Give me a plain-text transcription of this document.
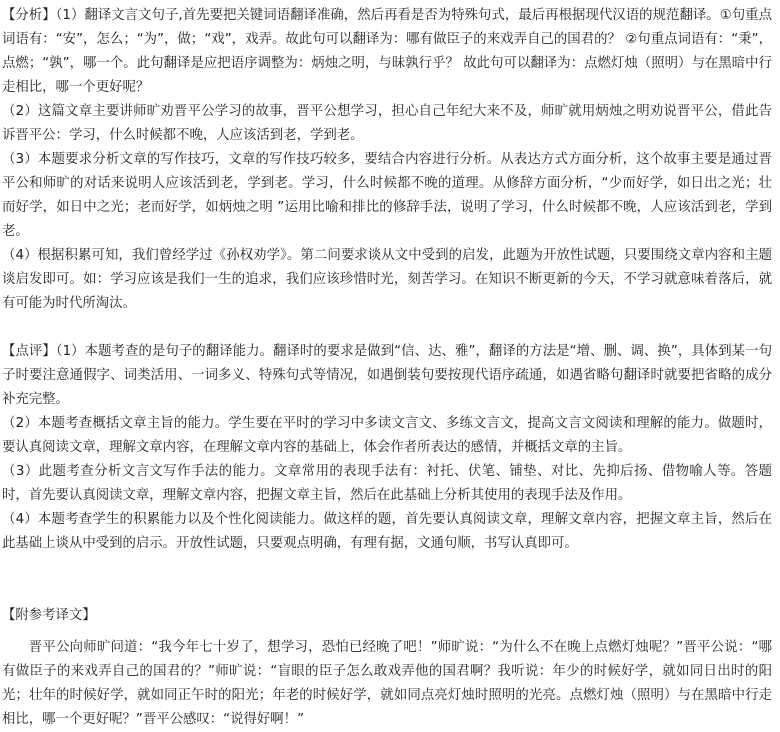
【分析】（1）翻译文言文句子,首先要把关键词语翻译准确，然后再看是否为特殊句式，最后再根据现代汉语的规范翻译。①句重点词语有：“安”，怎么；“为”，做；“戏”，戏弄。故此句可以翻译为：哪有做臣子的来戏弄自己的国君的？ ②句重点词语有：“秉”，点燃；“孰”，哪一个。此句翻译是应把语序调整为：炳烛之明，与昧孰行乎？ 故此句可以翻译为：点燃灯烛（照明）与在黑暗中行走相比，哪一个更好呢？

（2）这篇文章主要讲师旷劝晋平公学习的故事，晋平公想学习，担心自己年纪大来不及，师旷就用炳烛之明劝说晋平公，借此告诉晋平公：学习，什么时候都不晚，人应该活到老，学到老。

（3）本题要求分析文章的写作技巧，文章的写作技巧较多，要结合内容进行分析。从表达方式方面分析，这个故事主要是通过晋平公和师旷的对话来说明人应该活到老，学到老。学习，什么时候都不晚的道理。从修辞方面分析，“少而好学，如日出之光；壮而好学，如日中之光；老而好学，如炳烛之明 ”运用比喻和排比的修辞手法，说明了学习，什么时候都不晚，人应该活到老，学到老。

（4）根据积累可知，我们曾经学过《孙权劝学》。第二问要求谈从文中受到的启发，此题为开放性试题，只要围绕文章内容和主题谈启发即可。如：学习应该是我们一生的追求，我们应该珍惜时光，刻苦学习。在知识不断更新的今天，不学习就意味着落后，就有可能为时代所淘汰。

【点评】（1）本题考查的是句子的翻译能力。翻译时的要求是做到“信、达、雅”，翻译的方法是“增、删、调、换”，具体到某一句子时要注意通假字、词类活用、一词多义、特殊句式等情况，如遇倒装句要按现代语序疏通，如遇省略句翻译时就要把省略的成分补充完整。

（2）本题考查概括文章主旨的能力。学生要在平时的学习中多读文言文、多练文言文，提高文言文阅读和理解的能力。做题时，要认真阅读文章，理解文章内容，在理解文章内容的基础上，体会作者所表达的感情，并概括文章的主旨。

（3）此题考查分析文言文写作手法的能力。文章常用的表现手法有：衬托、伏笔、铺垫、对比、先抑后扬、借物喻人等。答题时，首先要认真阅读文章，理解文章内容，把握文章主旨，然后在此基础上分析其使用的表现手法及作用。

（4）本题考查学生的积累能力以及个性化阅读能力。做这样的题，首先要认真阅读文章，理解文章内容，把握文章主旨，然后在此基础上谈从中受到的启示。开放性试题，只要观点明确，有理有据，文通句顺，书写认真即可。

【附参考译文】

晋平公向师旷问道：“我今年七十岁了，想学习，恐怕已经晚了吧！”师旷说：“为什么不在晚上点燃灯烛呢？”晋平公说：“哪有做臣子的来戏弄自己的国君的？”师旷说：“盲眼的臣子怎么敢戏弄他的国君啊？我听说：年少的时候好学，就如同日出时的阳光；壮年的时候好学，就如同正午时的阳光；年老的时候好学，就如同点亮灯烛时照明的光亮。点燃灯烛（照明）与在黑暗中行走相比，哪一个更好呢？”晋平公感叹：“说得好啊！”
